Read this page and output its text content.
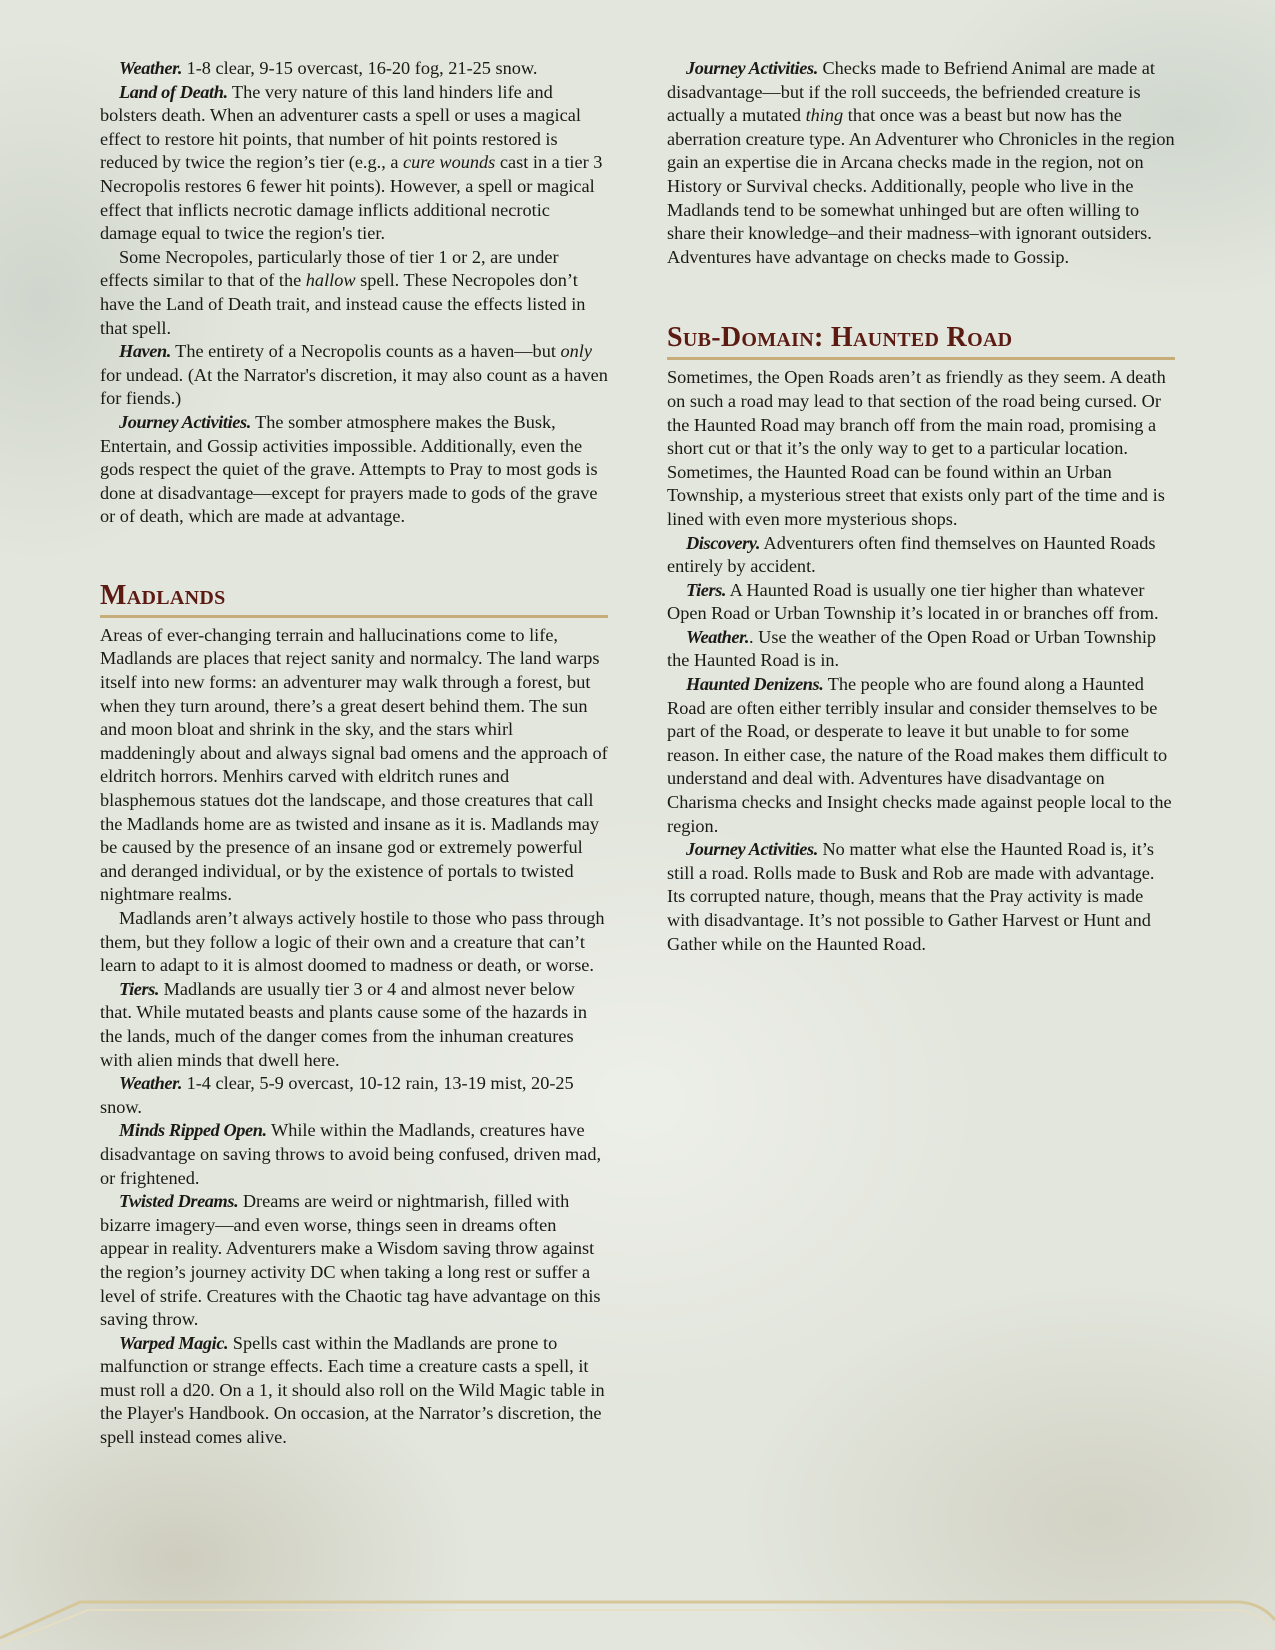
Weather. 1-8 clear, 9-15 overcast, 16-20 fog, 21-25 snow.

Land of Death. The very nature of this land hinders life and bolsters death. When an adventurer casts a spell or uses a magical effect to restore hit points, that number of hit points restored is reduced by twice the region’s tier (e.g., a cure wounds cast in a tier 3 Necropolis restores 6 fewer hit points). However, a spell or magical effect that inflicts necrotic damage inflicts additional necrotic damage equal to twice the region's tier.

Some Necropoles, particularly those of tier 1 or 2, are under effects similar to that of the hallow spell. These Necropoles don’t have the Land of Death trait, and instead cause the effects listed in that spell.

Haven. The entirety of a Necropolis counts as a haven—but only for undead. (At the Narrator's discretion, it may also count as a haven for fiends.)

Journey Activities. The somber atmosphere makes the Busk, Entertain, and Gossip activities impossible. Additionally, even the gods respect the quiet of the grave. Attempts to Pray to most gods is done at disadvantage—except for prayers made to gods of the grave or of death, which are made at advantage.

Madlands

Areas of ever-changing terrain and hallucinations come to life, Madlands are places that reject sanity and normalcy. The land warps itself into new forms: an adventurer may walk through a forest, but when they turn around, there’s a great desert behind them. The sun and moon bloat and shrink in the sky, and the stars whirl maddeningly about and always signal bad omens and the approach of eldritch horrors. Menhirs carved with eldritch runes and blasphemous statues dot the landscape, and those creatures that call the Madlands home are as twisted and insane as it is. Madlands may be caused by the presence of an insane god or extremely powerful and deranged individual, or by the existence of portals to twisted nightmare realms.

Madlands aren’t always actively hostile to those who pass through them, but they follow a logic of their own and a creature that can’t learn to adapt to it is almost doomed to madness or death, or worse.

Tiers. Madlands are usually tier 3 or 4 and almost never below that. While mutated beasts and plants cause some of the hazards in the lands, much of the danger comes from the inhuman creatures with alien minds that dwell here.

Weather. 1-4 clear, 5-9 overcast, 10-12 rain, 13-19 mist, 20-25 snow.

Minds Ripped Open. While within the Madlands, creatures have disadvantage on saving throws to avoid being confused, driven mad, or frightened.

Twisted Dreams. Dreams are weird or nightmarish, filled with bizarre imagery—and even worse, things seen in dreams often appear in reality. Adventurers make a Wisdom saving throw against the region’s journey activity DC when taking a long rest or suffer a level of strife. Creatures with the Chaotic tag have advantage on this saving throw.

Warped Magic. Spells cast within the Madlands are prone to malfunction or strange effects. Each time a creature casts a spell, it must roll a d20. On a 1, it should also roll on the Wild Magic table in the Player's Handbook. On occasion, at the Narrator’s discretion, the spell instead comes alive.

Journey Activities. Checks made to Befriend Animal are made at disadvantage—but if the roll succeeds, the befriended creature is actually a mutated thing that once was a beast but now has the aberration creature type. An Adventurer who Chronicles in the region gain an expertise die in Arcana checks made in the region, not on History or Survival checks. Additionally, people who live in the Madlands tend to be somewhat unhinged but are often willing to share their knowledge–and their madness–with ignorant outsiders. Adventures have advantage on checks made to Gossip.

Sub-Domain: Haunted Road

Sometimes, the Open Roads aren’t as friendly as they seem. A death on such a road may lead to that section of the road being cursed. Or the Haunted Road may branch off from the main road, promising a short cut or that it’s the only way to get to a particular location. Sometimes, the Haunted Road can be found within an Urban Township, a mysterious street that exists only part of the time and is lined with even more mysterious shops.

Discovery. Adventurers often find themselves on Haunted Roads entirely by accident.

Tiers. A Haunted Road is usually one tier higher than whatever Open Road or Urban Township it’s located in or branches off from.

Weather.. Use the weather of the Open Road or Urban Township the Haunted Road is in.

Haunted Denizens. The people who are found along a Haunted Road are often either terribly insular and consider themselves to be part of the Road, or desperate to leave it but unable to for some reason. In either case, the nature of the Road makes them difficult to understand and deal with. Adventures have disadvantage on Charisma checks and Insight checks made against people local to the region.

Journey Activities. No matter what else the Haunted Road is, it’s still a road. Rolls made to Busk and Rob are made with advantage. Its corrupted nature, though, means that the Pray activity is made with disadvantage. It’s not possible to Gather Harvest or Hunt and Gather while on the Haunted Road.
